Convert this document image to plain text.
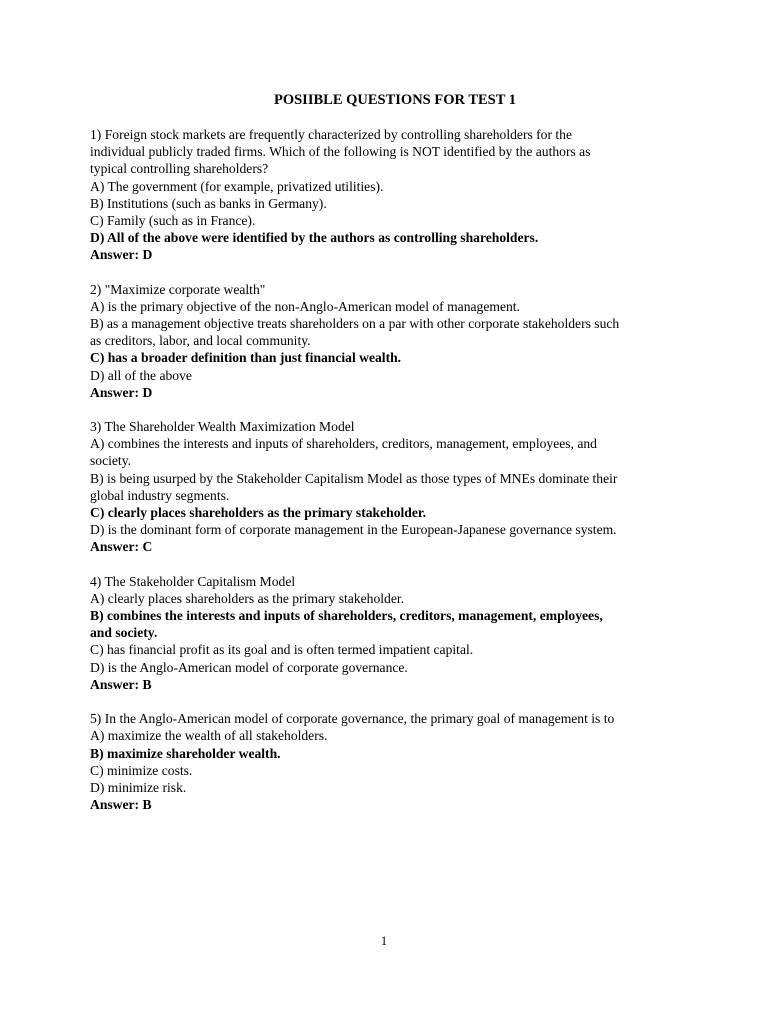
POSIIBLE QUESTIONS FOR TEST 1
1) Foreign stock markets are frequently characterized by controlling shareholders for the
individual publicly traded firms. Which of the following is NOT identified by the authors as
typical controlling shareholders?
A) The government (for example, privatized utilities).
B) Institutions (such as banks in Germany).
C) Family (such as in France).
D) All of the above were identified by the authors as controlling shareholders.
Answer: D
2) "Maximize corporate wealth"
A) is the primary objective of the non-Anglo-American model of management.
B) as a management objective treats shareholders on a par with other corporate stakeholders such
as creditors, labor, and local community.
C) has a broader definition than just financial wealth.
D) all of the above
Answer: D
3) The Shareholder Wealth Maximization Model
A) combines the interests and inputs of shareholders, creditors, management, employees, and
society.
B) is being usurped by the Stakeholder Capitalism Model as those types of MNEs dominate their
global industry segments.
C) clearly places shareholders as the primary stakeholder.
D) is the dominant form of corporate management in the European-Japanese governance system.
Answer: C
4) The Stakeholder Capitalism Model
A) clearly places shareholders as the primary stakeholder.
B) combines the interests and inputs of shareholders, creditors, management, employees,
and society.
C) has financial profit as its goal and is often termed impatient capital.
D) is the Anglo-American model of corporate governance.
Answer: B
5) In the Anglo-American model of corporate governance, the primary goal of management is to
A) maximize the wealth of all stakeholders.
B) maximize shareholder wealth.
C) minimize costs.
D) minimize risk.
Answer: B
1
